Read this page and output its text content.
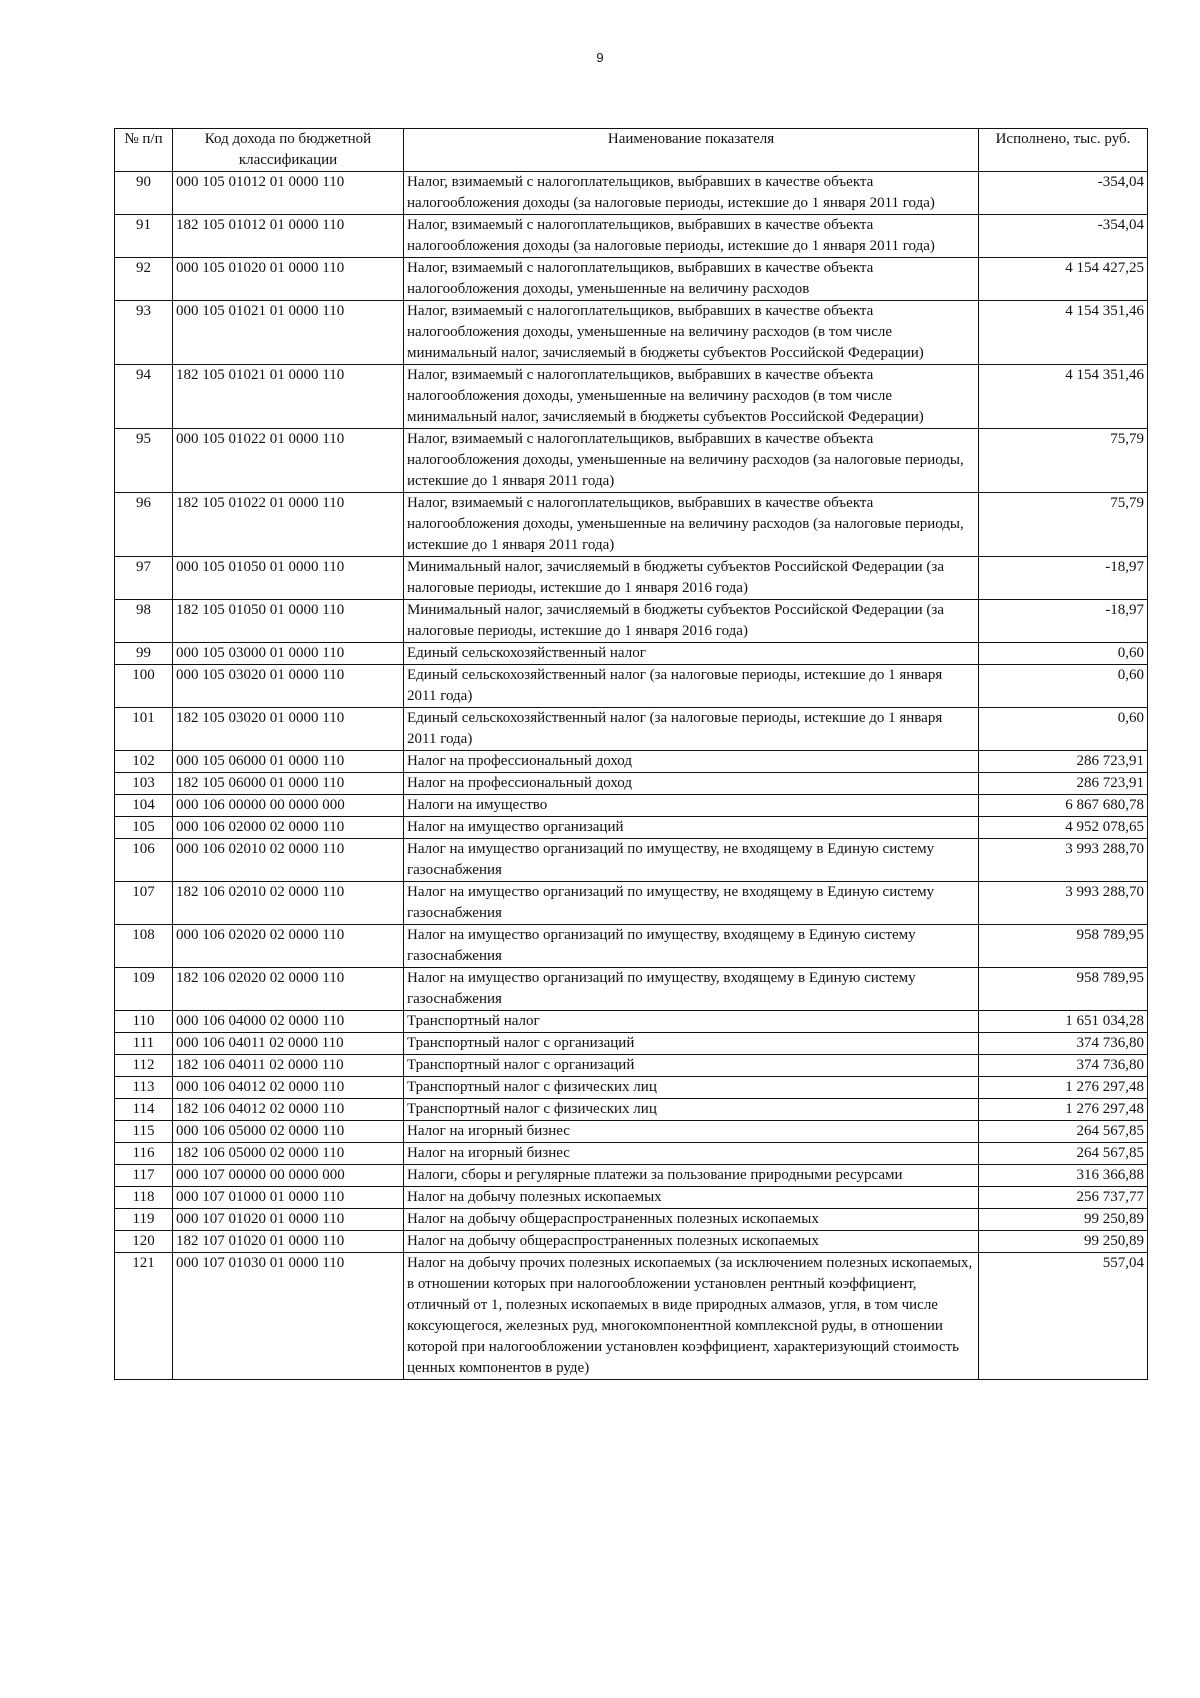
9
№ п/п	Код дохода по бюджетной классификации	Наименование показателя	Исполнено, тыс. руб.
90	000 105 01012 01 0000 110	Налог, взимаемый с налогоплательщиков, выбравших в качестве объекта налогообложения доходы (за налоговые периоды, истекшие до 1 января 2011 года)	-354,04
91	182 105 01012 01 0000 110	Налог, взимаемый с налогоплательщиков, выбравших в качестве объекта налогообложения доходы (за налоговые периоды, истекшие до 1 января 2011 года)	-354,04
92	000 105 01020 01 0000 110	Налог, взимаемый с налогоплательщиков, выбравших в качестве объекта налогообложения доходы, уменьшенные на величину расходов	4 154 427,25
93	000 105 01021 01 0000 110	Налог, взимаемый с налогоплательщиков, выбравших в качестве объекта налогообложения доходы, уменьшенные на величину расходов (в том числе минимальный налог, зачисляемый в бюджеты субъектов Российской Федерации)	4 154 351,46
94	182 105 01021 01 0000 110	Налог, взимаемый с налогоплательщиков, выбравших в качестве объекта налогообложения доходы, уменьшенные на величину расходов (в том числе минимальный налог, зачисляемый в бюджеты субъектов Российской Федерации)	4 154 351,46
95	000 105 01022 01 0000 110	Налог, взимаемый с налогоплательщиков, выбравших в качестве объекта налогообложения доходы, уменьшенные на величину расходов (за налоговые периоды, истекшие до 1 января 2011 года)	75,79
96	182 105 01022 01 0000 110	Налог, взимаемый с налогоплательщиков, выбравших в качестве объекта налогообложения доходы, уменьшенные на величину расходов (за налоговые периоды, истекшие до 1 января 2011 года)	75,79
97	000 105 01050 01 0000 110	Минимальный налог, зачисляемый в бюджеты субъектов Российской Федерации (за налоговые периоды, истекшие до 1 января 2016 года)	-18,97
98	182 105 01050 01 0000 110	Минимальный налог, зачисляемый в бюджеты субъектов Российской Федерации (за налоговые периоды, истекшие до 1 января 2016 года)	-18,97
99	000 105 03000 01 0000 110	Единый сельскохозяйственный налог	0,60
100	000 105 03020 01 0000 110	Единый сельскохозяйственный налог (за налоговые периоды, истекшие до 1 января 2011 года)	0,60
101	182 105 03020 01 0000 110	Единый сельскохозяйственный налог (за налоговые периоды, истекшие до 1 января 2011 года)	0,60
102	000 105 06000 01 0000 110	Налог на профессиональный доход	286 723,91
103	182 105 06000 01 0000 110	Налог на профессиональный доход	286 723,91
104	000 106 00000 00 0000 000	Налоги на имущество	6 867 680,78
105	000 106 02000 02 0000 110	Налог на имущество организаций	4 952 078,65
106	000 106 02010 02 0000 110	Налог на имущество организаций по имуществу, не входящему в Единую систему газоснабжения	3 993 288,70
107	182 106 02010 02 0000 110	Налог на имущество организаций по имуществу, не входящему в Единую систему газоснабжения	3 993 288,70
108	000 106 02020 02 0000 110	Налог на имущество организаций по имуществу, входящему в Единую систему газоснабжения	958 789,95
109	182 106 02020 02 0000 110	Налог на имущество организаций по имуществу, входящему в Единую систему газоснабжения	958 789,95
110	000 106 04000 02 0000 110	Транспортный налог	1 651 034,28
111	000 106 04011 02 0000 110	Транспортный налог с организаций	374 736,80
112	182 106 04011 02 0000 110	Транспортный налог с организаций	374 736,80
113	000 106 04012 02 0000 110	Транспортный налог с физических лиц	1 276 297,48
114	182 106 04012 02 0000 110	Транспортный налог с физических лиц	1 276 297,48
115	000 106 05000 02 0000 110	Налог на игорный бизнес	264 567,85
116	182 106 05000 02 0000 110	Налог на игорный бизнес	264 567,85
117	000 107 00000 00 0000 000	Налоги, сборы и регулярные платежи за пользование природными ресурсами	316 366,88
118	000 107 01000 01 0000 110	Налог на добычу полезных ископаемых	256 737,77
119	000 107 01020 01 0000 110	Налог на добычу общераспространенных полезных ископаемых	99 250,89
120	182 107 01020 01 0000 110	Налог на добычу общераспространенных полезных ископаемых	99 250,89
121	000 107 01030 01 0000 110	Налог на добычу прочих полезных ископаемых (за исключением полезных ископаемых, в отношении которых при налогообложении установлен рентный коэффициент, отличный от 1, полезных ископаемых в виде природных алмазов, угля, в том числе коксующегося, железных руд, многокомпонентной комплексной руды, в отношении которой при налогообложении установлен коэффициент, характеризующий стоимость ценных компонентов в руде)	557,04
